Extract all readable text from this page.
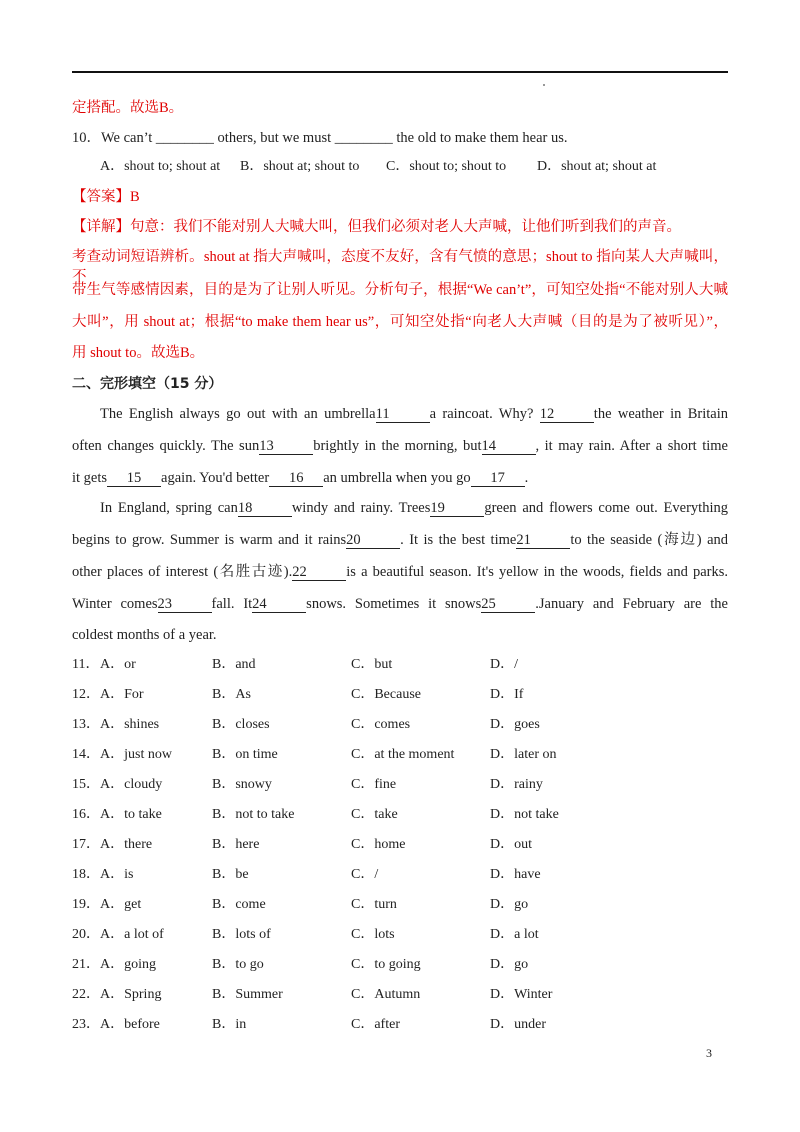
定搭配。故选B。
10．We can’t ________ others, but we must ________ the old to make them hear us.
A．shout to; shout at B．shout at; shout to C．shout to; shout to D．shout at; shout at
【答案】B
【详解】句意：我们不能对别人大喊大叫，但我们必须对老人大声喊，让他们听到我们的声音。
考查动词短语辨析。shout at 指大声喊叫，态度不友好，含有气愤的意思；shout to 指向某人大声喊叫，不
带生气等感情因素，目的是为了让别人听见。分析句子，根据“We can’t”，可知空处指“不能对别人大喊
大叫”，用 shout at；根据“to make them hear us”，可知空处指“向老人大声喊（目的是为了被听见）”，
用 shout to。故选B。
二、完形填空（15 分）
The English always go out with an umbrella11	a raincoat. Why? 12	the weather in Britain
often changes quickly. The sun13	brightly in the morning, but14	, it may rain. After a short time
it gets 15 again. You'd better 16 an umbrella when you go 17 .
In England, spring can18	windy and rainy. Trees19	green and flowers come out. Everything
begins to grow. Summer is warm and it rains20	. It is the best time21	to the seaside (海边) and
other places of interest (名胜古迹).22	is a beautiful season. It's yellow in the woods, fields and parks.
Winter comes23	fall. It24	snows. Sometimes it snows25	.January and February are the
coldest months of a year.
11． A．or	B．and	C．but	D．/
12． A．For	B．As	C．Because	D．If
13． A．shines	B．closes	C．comes	D．goes
14． A．just now	B．on time	C．at the moment	D．later on
15． A．cloudy	B．snowy	C．fine	D．rainy
16． A．to take	B．not to take	C．take	D．not take
17． A．there	B．here	C．home	D．out
18． A．is	B．be	C．/	D．have
19． A．get	B．come	C．turn	D．go
20． A．a lot of	B．lots of	C．lots	D．a lot
21． A．going	B．to go	C．to going	D．go
22． A．Spring	B．Summer	C．Autumn	D．Winter
23． A．before	B．in	C．after	D．under
3
